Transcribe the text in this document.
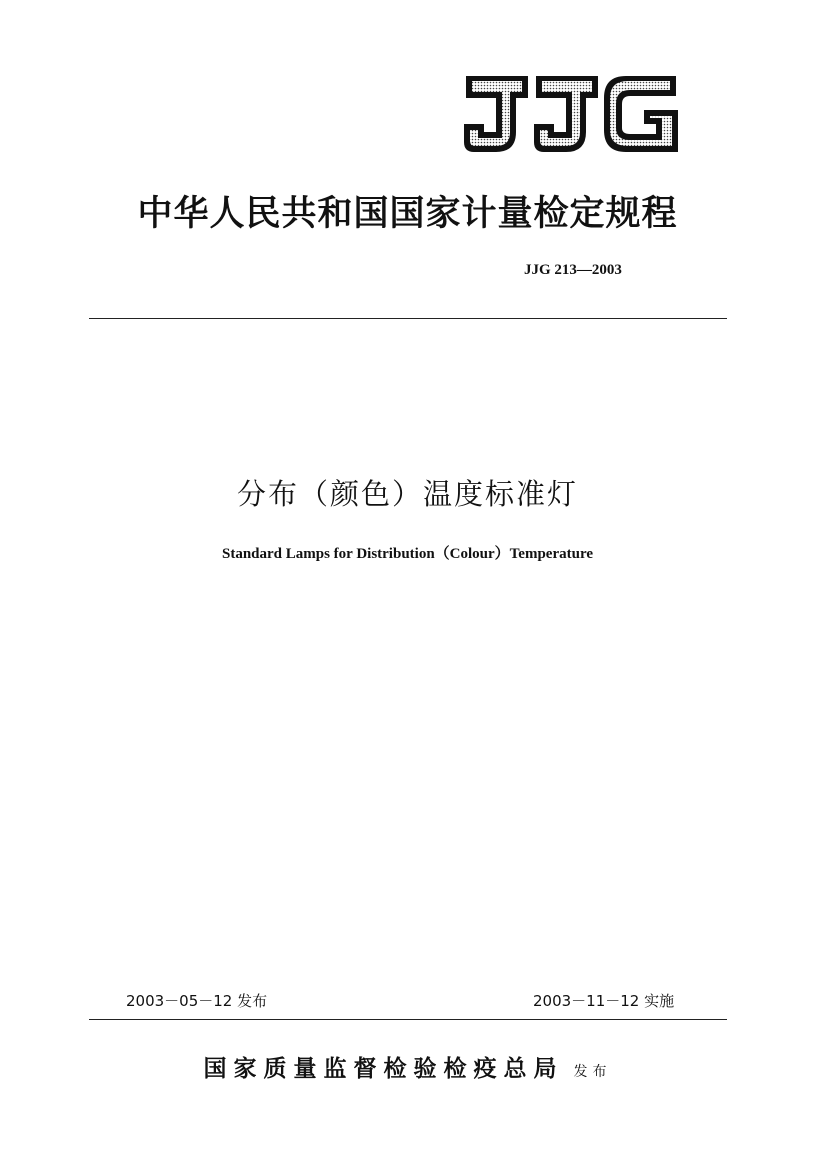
中华人民共和国国家计量检定规程
JJG 213—2003
分布（颜色）温度标准灯
Standard Lamps for Distribution（Colour）Temperature
2003－05－12 发布	2003－11－12 实施
国家质量监督检验检疫总局 发布
